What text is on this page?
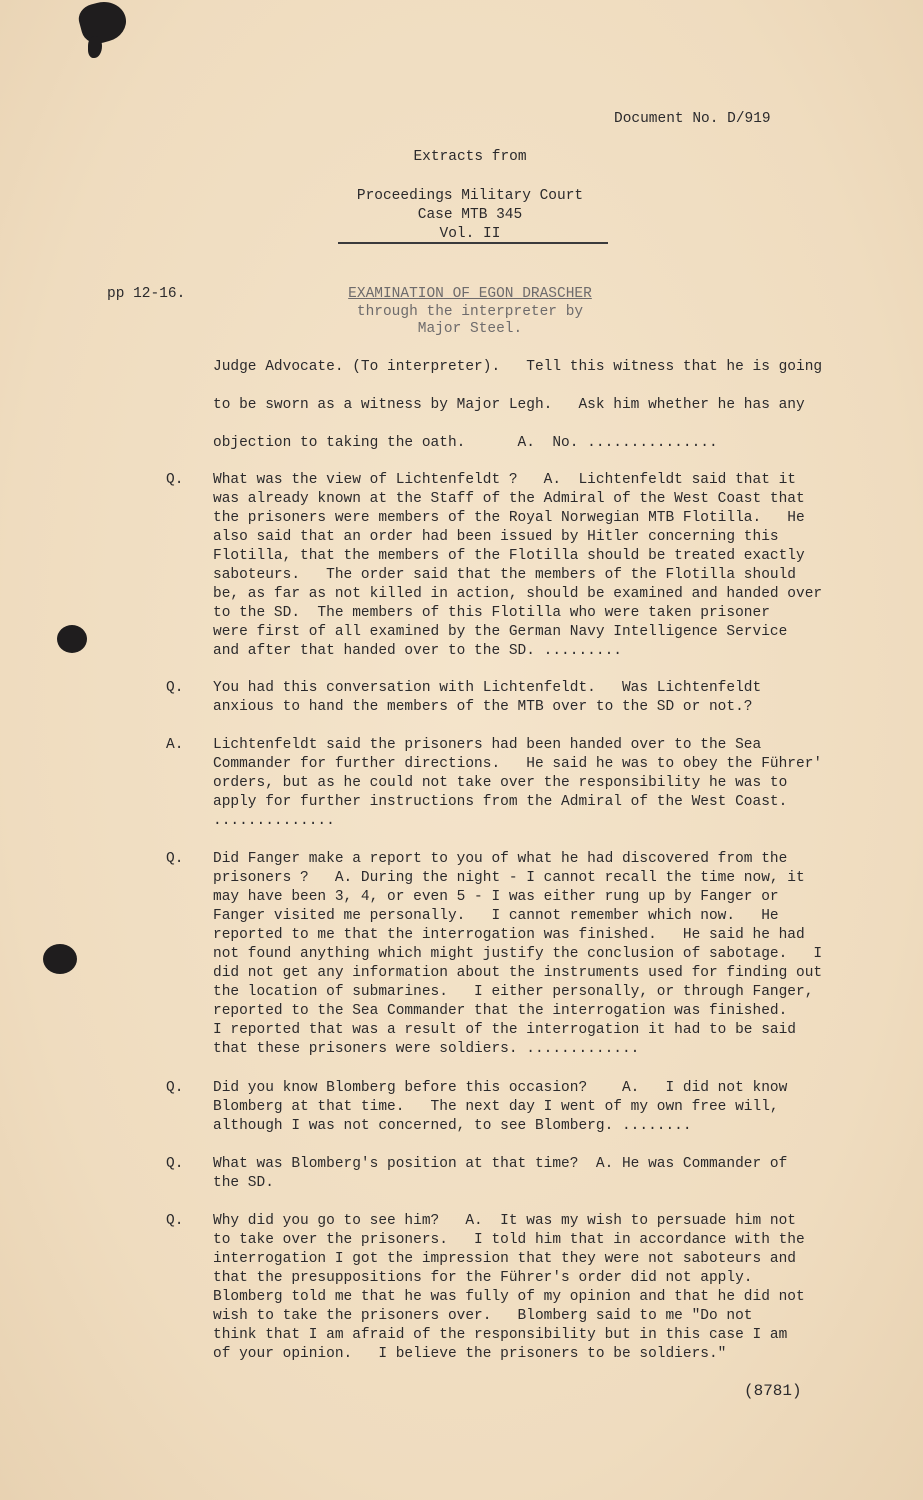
Document No. D/919
Extracts from
Proceedings Military Court
Case MTB 345
Vol. II
pp 12-16.	EXAMINATION OF EGON DRASCHER
through the interpreter by
Major Steel.
Judge Advocate. (To interpreter).   Tell this witness that he is going
to be sworn as a witness by Major Legh.   Ask him whether he has any
objection to taking the oath.      A.  No. ...............
Q. What was the view of Lichtenfeldt ?   A.  Lichtenfeldt said that it
was already known at the Staff of the Admiral of the West Coast that
the prisoners were members of the Royal Norwegian MTB Flotilla.   He
also said that an order had been issued by Hitler concerning this
Flotilla, that the members of the Flotilla should be treated exactly
saboteurs.   The order said that the members of the Flotilla should
be, as far as not killed in action, should be examined and handed over
to the SD.  The members of this Flotilla who were taken prisoner
were first of all examined by the German Navy Intelligence Service
and after that handed over to the SD. .........
Q. You had this conversation with Lichtenfeldt.   Was Lichtenfeldt
anxious to hand the members of the MTB over to the SD or not.?
A. Lichtenfeldt said the prisoners had been handed over to the Sea
Commander for further directions.   He said he was to obey the Führer'
orders, but as he could not take over the responsibility he was to
apply for further instructions from the Admiral of the West Coast.
..............
Q. Did Fanger make a report to you of what he had discovered from the
prisoners ?   A. During the night - I cannot recall the time now, it
may have been 3, 4, or even 5 - I was either rung up by Fanger or
Fanger visited me personally.   I cannot remember which now.   He
reported to me that the interrogation was finished.   He said he had
not found anything which might justify the conclusion of sabotage.   I
did not get any information about the instruments used for finding out
the location of submarines.   I either personally, or through Fanger,
reported to the Sea Commander that the interrogation was finished.
I reported that was a result of the interrogation it had to be said
that these prisoners were soldiers. .............
Q. Did you know Blomberg before this occasion?    A.   I did not know
Blomberg at that time.   The next day I went of my own free will,
although I was not concerned, to see Blomberg. ........
Q. What was Blomberg's position at that time?  A. He was Commander of
the SD.
Q. Why did you go to see him?   A.  It was my wish to persuade him not
to take over the prisoners.   I told him that in accordance with the
interrogation I got the impression that they were not saboteurs and
that the presuppositions for the Führer's order did not apply.
Blomberg told me that he was fully of my opinion and that he did not
wish to take the prisoners over.   Blomberg said to me "Do not
think that I am afraid of the responsibility but in this case I am
of your opinion.   I believe the prisoners to be soldiers."
(8781)
